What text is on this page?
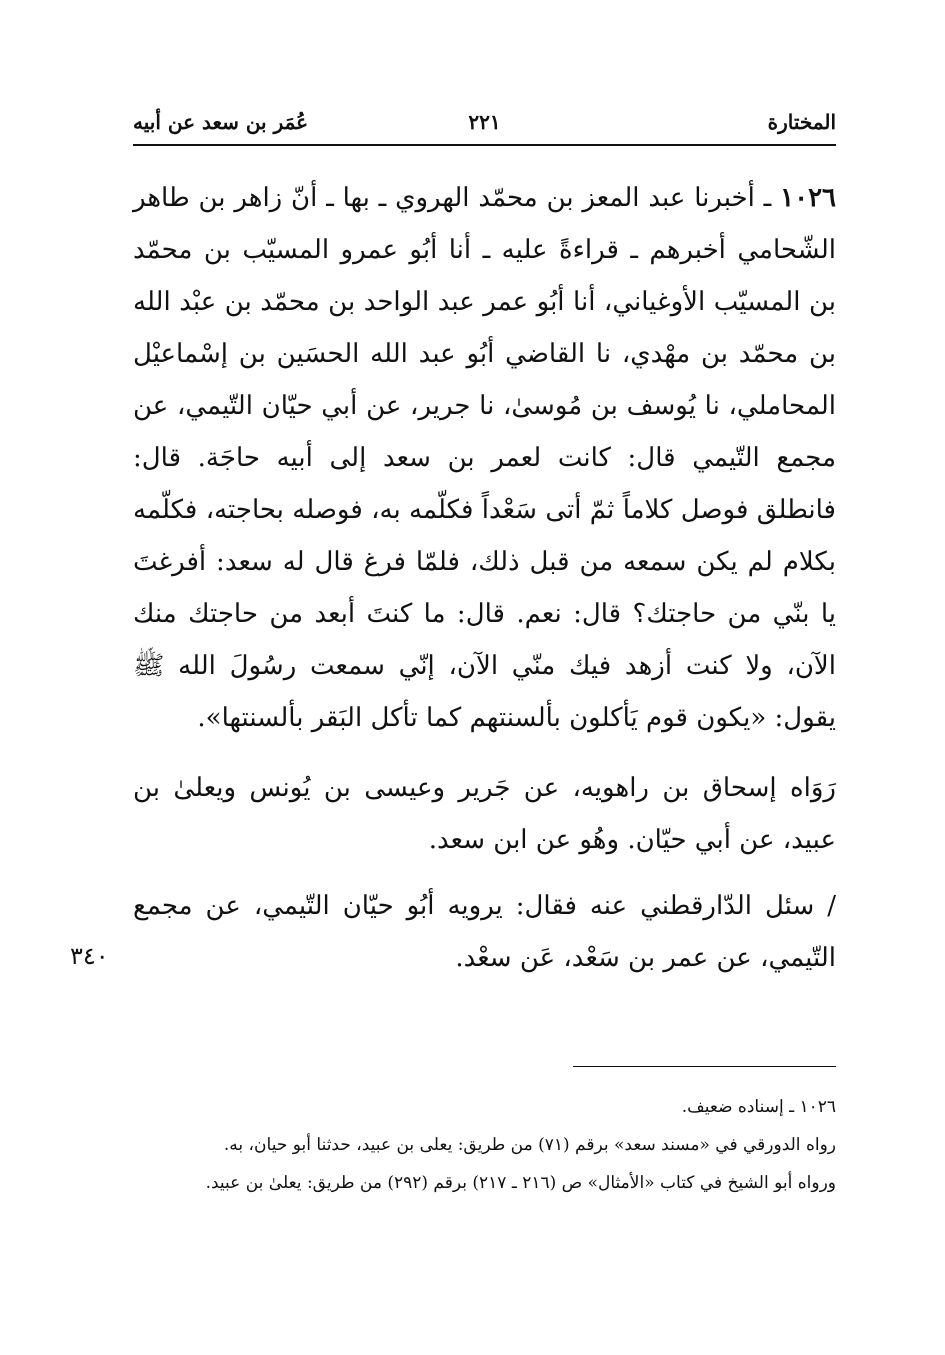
المختارة
٢٢١
عُمَر بن سعد عن أبيه

١٠٢٦ ـ أخبرنا عبد المعز بن محمّد الهروي ـ بها ـ أنّ زاهر بن طاهر الشّحامي أخبرهم ـ قراءةً عليه ـ أنا أبُو عمرو المسيّب بن محمّد بن المسيّب الأوغياني، أنا أبُو عمر عبد الواحد بن محمّد بن عبْد الله بن محمّد بن مهْدي، نا القاضي أبُو عبد الله الحسَين بن إسْماعيْل المحاملي، نا يُوسف بن مُوسىٰ، نا جرير، عن أبي حيّان التّيمي، عن مجمع التّيمي قال: كانت لعمر بن سعد إلى أبيه حاجَة. قال: فانطلق فوصل كلاماً ثمّ أتى سَعْداً فكلّمه به، فوصله بحاجته، فكلّمه بكلام لم يكن سمعه من قبل ذلك، فلمّا فرغ قال له سعد: أفرغتَ يا بنّي من حاجتك؟ قال: نعم. قال: ما كنتَ أبعد من حاجتك منك الآن، ولا كنت أزهد فيك منّي الآن، إنّي سمعت رسُولَ الله ﷺ يقول: «يكون قوم يَأكلون بألسنتهم كما تأكل البَقر بألسنتها».

رَوَاه إسحاق بن راهويه، عن جَرير وعيسى بن يُونس ويعلىٰ بن عبيد، عن أبي حيّان. وهُو عن ابن سعد.

/ سئل الدّارقطني عنه فقال: يرويه أبُو حيّان التّيمي، عن مجمع التّيمي، عن عمر بن سَعْد، عَن سعْد.

٣٤٠

١٠٢٦ ـ إسناده ضعيف.

رواه الدورقي في «مسند سعد» برقم (٧١) من طريق: يعلى بن عبيد، حدثنا أبو حيان، به.

ورواه أبو الشيخ في كتاب «الأمثال» ص (٢١٦ ـ ٢١٧) برقم (٢٩٢) من طريق: يعلىٰ بن عبيد.
